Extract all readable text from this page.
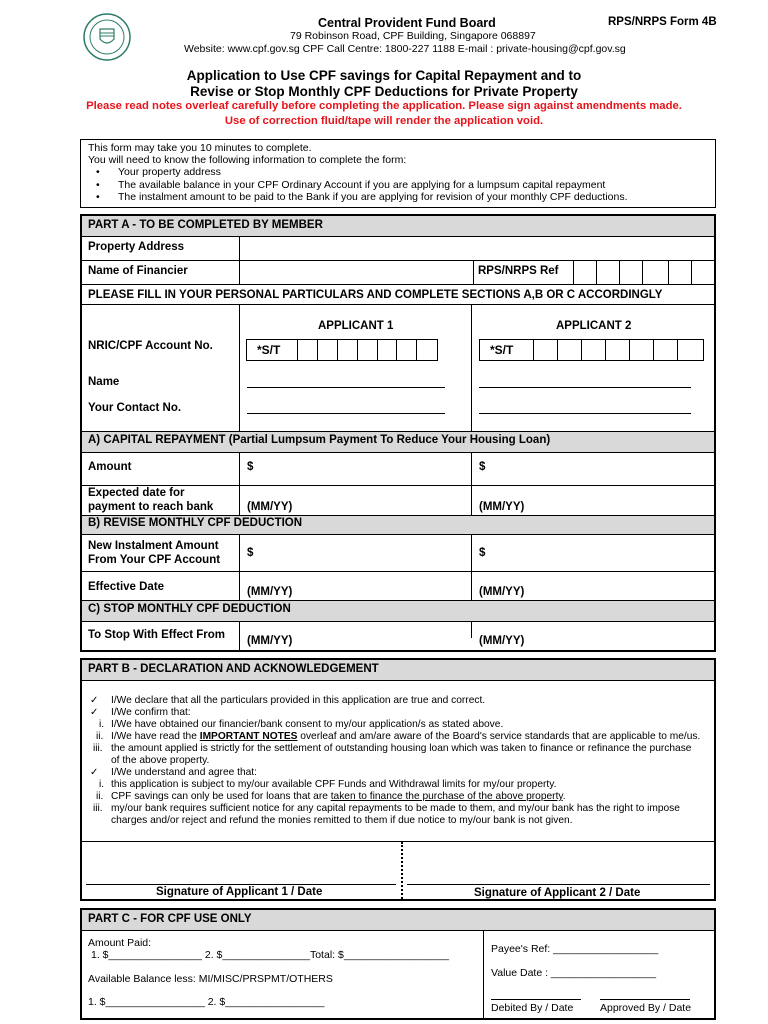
Central Provident Fund Board	RPS/NRPS Form 4B
79 Robinson Road, CPF Building, Singapore 068897
Website: www.cpf.gov.sg CPF Call Centre: 1800-227 1188 E-mail : private-housing@cpf.gov.sg
Application to Use CPF savings for Capital Repayment and to
Revise or Stop Monthly CPF Deductions for Private Property
Please read notes overleaf carefully before completing the application. Please sign against amendments made.
Use of correction fluid/tape will render the application void.
This form may take you 10 minutes to complete.
You will need to know the following information to complete the form:
• Your property address
• The available balance in your CPF Ordinary Account if you are applying for a lumpsum capital repayment
• The instalment amount to be paid to the Bank if you are applying for revision of your monthly CPF deductions.
PART A - TO BE COMPLETED BY MEMBER
Property Address
Name of Financier	RPS/NRPS Ref
PLEASE FILL IN YOUR PERSONAL PARTICULARS AND COMPLETE SECTIONS A,B OR C ACCORDINGLY
APPLICANT 1	APPLICANT 2
NRIC/CPF Account No.	*S/T	*S/T
Name
Your Contact No.
A) CAPITAL REPAYMENT (Partial Lumpsum Payment To Reduce Your Housing Loan)
Amount	$	$
Expected date for
payment to reach bank	(MM/YY)	(MM/YY)
B) REVISE MONTHLY CPF DEDUCTION
New Instalment Amount
From Your CPF Account
$	$
Effective Date	(MM/YY)	(MM/YY)
C) STOP MONTHLY CPF DEDUCTION
To Stop With Effect From (MM/YY)	(MM/YY)
PART B - DECLARATION AND ACKNOWLEDGEMENT
✓ I/We declare that all the particulars provided in this application are true and correct.
✓ I/We confirm that:
i. I/We have obtained our financier/bank consent to my/our application/s as stated above.
ii. I/We have read the IMPORTANT NOTES overleaf and am/are aware of the Board's service standards that are applicable to me/us.
iii. the amount applied is strictly for the settlement of outstanding housing loan which was taken to finance or refinance the purchase
of the above property.
✓ I/We understand and agree that:
i. this application is subject to my/our available CPF Funds and Withdrawal limits for my/our property.
ii. CPF savings can only be used for loans that are taken to finance the purchase of the above property.
iii. my/our bank requires sufficient notice for any capital repayments to be made to them, and my/our bank has the right to impose
charges and/or reject and refund the monies remitted to them if due notice to my/our bank is not given.
Signature of Applicant 1 / Date	Signature of Applicant 2 / Date
PART C - FOR CPF USE ONLY
Amount Paid:
1. $________________ 2. $_______________Total: $__________________
Available Balance less: MI/MISC/PRSPMT/OTHERS
1. $_________________ 2. $_________________
Payee's Ref: __________________
Value Date : __________________
Debited By / Date	Approved By / Date
